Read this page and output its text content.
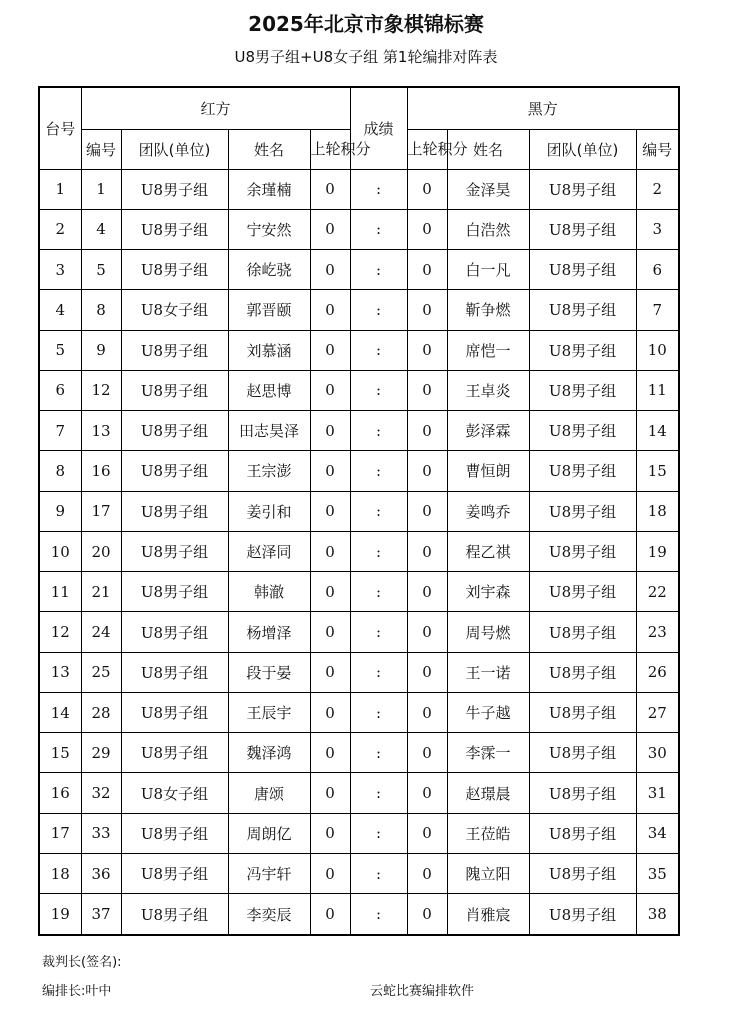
2025年北京市象棋锦标赛
U8男子组+U8女子组 第1轮编排对阵表
台号	红方				成绩	黑方			
	编号	团队(单位)	姓名	上轮积分		上轮积分	姓名	团队(单位)	编号
1	1	U8男子组	余瑾楠	0	:	0	金泽昊	U8男子组	2
2	4	U8男子组	宁安然	0	:	0	白浩然	U8男子组	3
3	5	U8男子组	徐屹骁	0	:	0	白一凡	U8男子组	6
4	8	U8女子组	郭晋颐	0	:	0	靳争燃	U8男子组	7
5	9	U8男子组	刘慕涵	0	:	0	席恺一	U8男子组	10
6	12	U8男子组	赵思博	0	:	0	王卓炎	U8男子组	11
7	13	U8男子组	田志昊泽	0	:	0	彭泽霖	U8男子组	14
8	16	U8男子组	王宗澎	0	:	0	曹恒朗	U8男子组	15
9	17	U8男子组	姜引和	0	:	0	姜鸣乔	U8男子组	18
10	20	U8男子组	赵泽同	0	:	0	程乙祺	U8男子组	19
11	21	U8男子组	韩澈	0	:	0	刘宇森	U8男子组	22
12	24	U8男子组	杨增泽	0	:	0	周号燃	U8男子组	23
13	25	U8男子组	段于晏	0	:	0	王一诺	U8男子组	26
14	28	U8男子组	王辰宇	0	:	0	牛子越	U8男子组	27
15	29	U8男子组	魏泽鸿	0	:	0	李霂一	U8男子组	30
16	32	U8女子组	唐颂	0	:	0	赵璟晨	U8男子组	31
17	33	U8男子组	周朗亿	0	:	0	王莅皓	U8男子组	34
18	36	U8男子组	冯宇轩	0	:	0	隗立阳	U8男子组	35
19	37	U8男子组	李奕辰	0	:	0	肖雅宸	U8男子组	38
裁判长(签名):
编排长:叶中	云蛇比赛编排软件
